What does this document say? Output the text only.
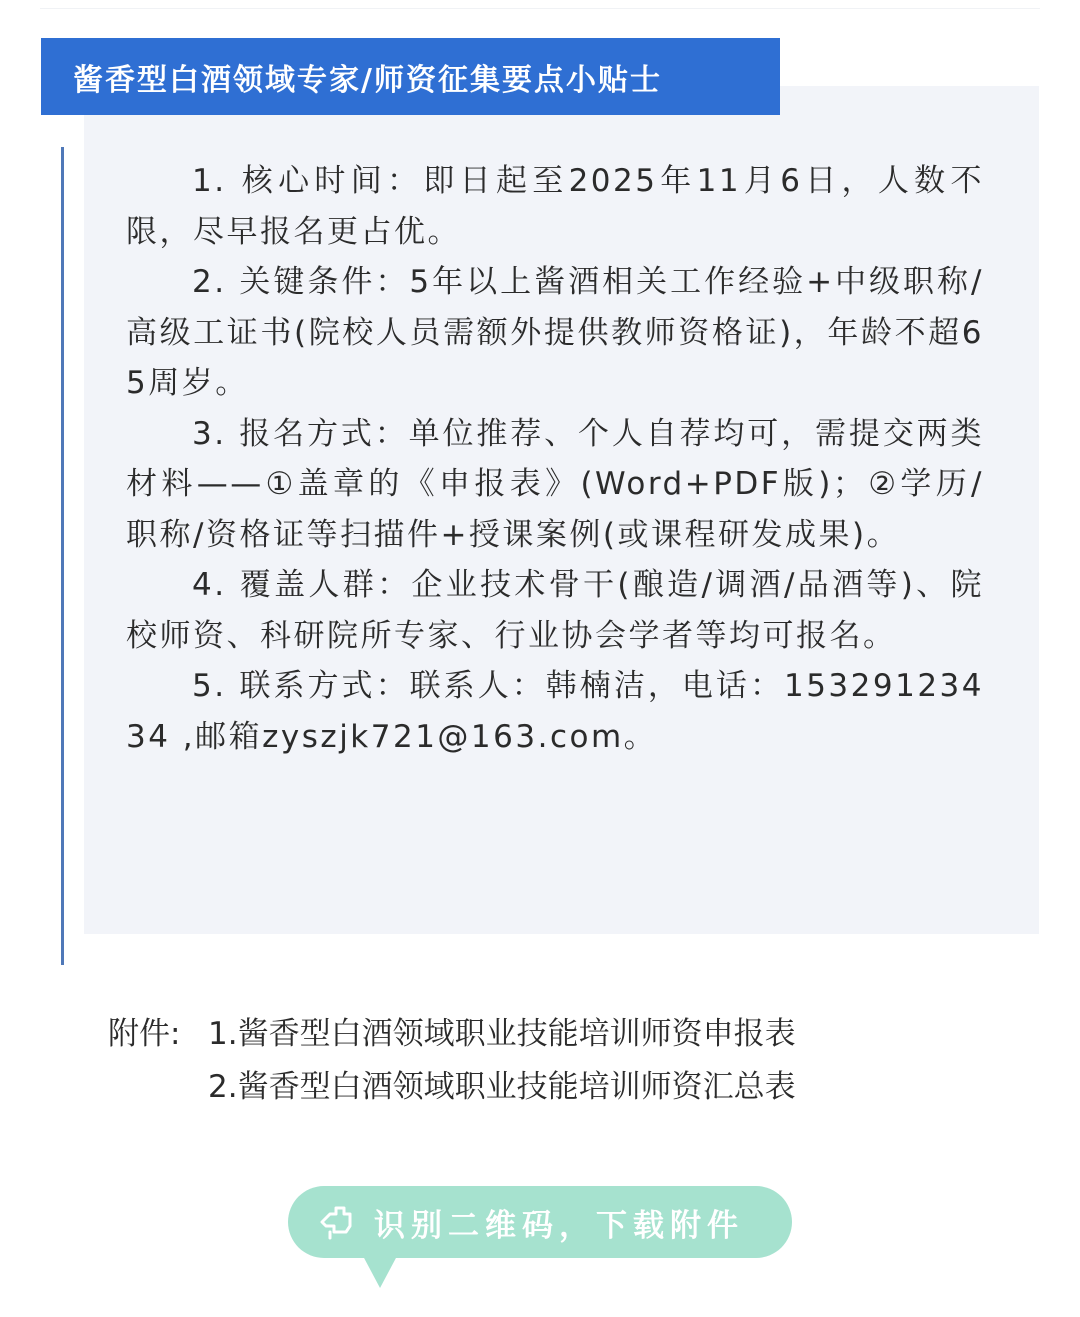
酱香型白酒领域专家/师资征集要点小贴士

1. 核心时间：即日起至2025年11月6日，人数不限，尽早报名更占优。

2. 关键条件：5年以上酱酒相关工作经验+中级职称/高级工证书(院校人员需额外提供教师资格证)，年龄不超65周岁。

3. 报名方式：单位推荐、个人自荐均可，需提交两类材料——①盖章的《申报表》(Word+PDF版)；②学历/职称/资格证等扫描件+授课案例(或课程研发成果)。

4. 覆盖人群：企业技术骨干(酿造/调酒/品酒等)、院校师资、科研院所专家、行业协会学者等均可报名。

5. 联系方式：联系人：韩楠洁，电话：15329123434 ,邮箱zyszjk721@163.com。

附件: 1.酱香型白酒领域职业技能培训师资申报表
2.酱香型白酒领域职业技能培训师资汇总表
识别二维码，下载附件
